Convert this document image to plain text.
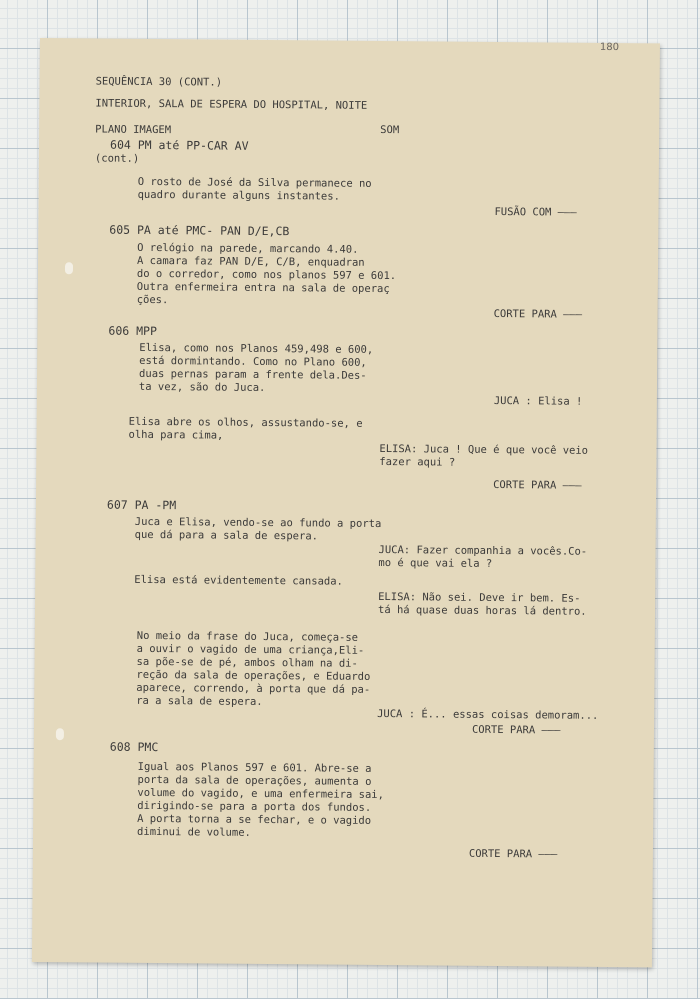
180
SEQUÊNCIA 30 (CONT.)
INTERIOR, SALA DE ESPERA DO HOSPITAL, NOITE
PLANO IMAGEM	SOM
604 PM até PP-CAR AV
(cont.)
O rosto de José da Silva permanece no
quadro durante alguns instantes.
FUSÃO COM ———
605 PA até PMC- PAN D/E,CB
O relógio na parede, marcando 4.40.
A camara faz PAN D/E, C/B, enquadran
do o corredor, como nos planos 597 e 601.
Outra enfermeira entra na sala de operaç
ções.
CORTE PARA ———
606 MPP
Elisa, como nos Planos 459,498 e 600,
está dormintando. Como no Plano 600,
duas pernas param a frente dela.Des-
ta vez, são do Juca.
JUCA : Elisa !
Elisa abre os olhos, assustando-se, e
olha para cima,
ELISA: Juca ! Que é que você veio
fazer aqui ?
CORTE PARA ———
607 PA -PM
Juca e Elisa, vendo-se ao fundo a porta
que dá para a sala de espera.
JUCA: Fazer companhia a vocês.Co-
mo é que vai ela ?
Elisa está evidentemente cansada.
ELISA: Não sei. Deve ir bem. Es-
tá há quase duas horas lá dentro.
No meio da frase do Juca, começa-se
a ouvir o vagido de uma criança,Eli-
sa põe-se de pé, ambos olham na di-
reção da sala de operações, e Eduardo
aparece, correndo, à porta que dá pa-
ra a sala de espera.
JUCA : É... essas coisas demoram...
CORTE PARA ———
608 PMC
Igual aos Planos 597 e 601. Abre-se a
porta da sala de operações, aumenta o
volume do vagido, e uma enfermeira sai,
dirigindo-se para a porta dos fundos.
A porta torna a se fechar, e o vagido
diminui de volume.
CORTE PARA ———
